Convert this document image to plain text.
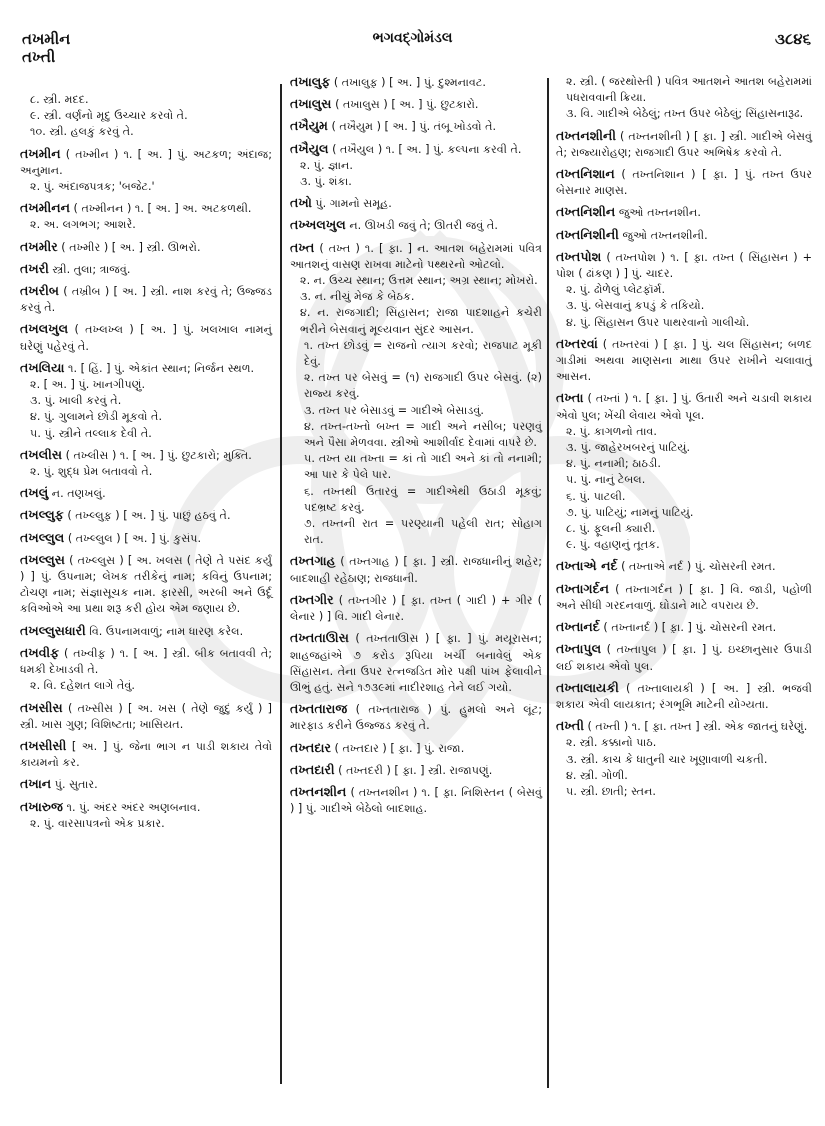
તખમીન
તખ્તી
ભગવદ્ગોમંડલ	૩૮૪૬
૮. સ્ત્રી. મદદ.
૯. સ્ત્રી. વર્ણનો મૃદુ ઉચ્ચાર કરવો તે.
૧૦. સ્ત્રી. હલકું કરવું તે.
તખમીન ( તખ્મીન ) ૧. [ અ. ] પું. અટકળ; અંદાજ; અનુમાન.
૨. પું. અંદાજપત્રક; 'બજેટ.'
તખમીનન ( તખ્મીનન ) ૧. [ અ. ] અ. અટકળથી.
૨. અ. લગભગ; આશરે.
તખમીર ( તખ્મીર ) [ અ. ] સ્ત્રી. ઊભરો.
તખરી સ્ત્રી. તુલા; ત્રાજવું.
તખરીબ ( તખ્રીબ ) [ અ. ] સ્ત્રી. નાશ કરવું તે; ઉજ્જડ કરવું તે.
તખલખુલ ( તખ્લખ્લ ) [ અ. ] પું. ખલખાલ નામનું ઘરેણું પહેરવું તે.
તખલિયા ૧. [ હિં. ] પું. એકાંત સ્થાન; નિર્જન સ્થળ.
૨. [ અ. ] પું. ખાનગીપણું.
૩. પું. ખાલી કરવું તે.
૪. પું. ગુલામને છોડી મૂકવો તે.
૫. પું. સ્ત્રીને તલ્લાક દેવી તે.
તખલીસ ( તખ્લીસ ) ૧. [ અ. ] પું. છુટકારો; મુક્તિ.
૨. પું. શુદ્ધ પ્રેમ બતાવવો તે.
તખલું ન. તણખલું.
તખલ્લુફ ( તખ્લ્લુફ઼ ) [ અ. ] પું. પાછું હઠવું તે.
તખલ્લુલ ( તખ્લ્લુલ ) [ અ. ] પું. કુસંપ.
તખલ્લુસ ( તખ્લ્લુસ ) [ અ. ખલસ ( તેણે તે પસંદ કર્યું ) ] પું. ઉપનામ; લેખક તરીકેનું નામ; કવિનું ઉપનામ; ટોચણ નામ; સંજ્ઞાસૂચક નામ. ફારસી, અરબી અને ઉર્દૂ કવિઓએ આ પ્રથા શરૂ કરી હોય એમ જણાય છે.
તખલ્લુસધારી વિ. ઉપનામવાળું; નામ ધારણ કરેલ.
તખવીફ ( તખ્વીફ઼ ) ૧. [ અ. ] સ્ત્રી. બીક બતાવવી તે; ધમકી દેખાડવી તે.
૨. વિ. દહેશત લાગે તેવું.
તખસીસ ( તખ્સીસ ) [ અ. ખસ ( તેણે જુદું કર્યું ) ] સ્ત્રી. ખાસ ગુણ; વિશિષ્ટતા; ખાસિયત.
તખસીસી [ અ. ] પું. જેના ભાગ ન પાડી શકાય તેવો કાયમનો કર.
તખાન પું. સુતાર.
તખારુજ ૧. પું. અંદર અંદર અણબનાવ.
૨. પું. વારસાપત્રનો એક પ્રકાર.
તખાલુફ ( તખાલુફ઼ ) [ અ. ] પું. દુશ્મનાવટ.
તખાલુસ ( તખાલુસ ) [ અ. ] પું. છુટકારો.
તખૈયુમ ( તખૈયુમ ) [ અ. ] પું. તંબૂ ખોડવો તે.
તખૈયુલ ( તખૈયુલ ) ૧. [ અ. ] પું. કલ્પના કરવી તે.
૨. પું. જ્ઞાન.
૩. પું. શંકા.
તખો પું. ગામનો સમૂહ.
તખ્ખલખુલ ન. ઊખડી જવું તે; ઊતરી જવું તે.
તખ્ત ( તખ્ત ) ૧. [ ફ઼ા. ] ન. આતશ બહેરામમાં પવિત્ર આતશનું વાસણ રાખવા માટેનો પથ્થરનો ઓટલો.
૨. ન. ઉચ્ચ સ્થાન; ઉત્તમ સ્થાન; અગ્ર સ્થાન; મોખરો.
૩. ન. નીચું મેજ કે બેઠક.
૪. ન. રાજગાદી; સિંહાસન; રાજા પાદશાહને કચેરી ભરીને બેસવાનું મૂલ્યવાન સુંદર આસન.
૧. તખ્ત છોડવું = રાજનો ત્યાગ કરવો; રાજપાટ મૂકી દેવું.
૨. તખ્ત પર બેસવું = (૧) રાજગાદી ઉપર બેસવું. (૨) રાજ્ય કરવું.
૩. તખ્ત પર બેસાડવું = ગાદીએ બેસાડવું.
૪. તખ્ત-તખ્તો બખ્ત = ગાદી અને નસીબ; પરણવું અને પૈસા મેળવવા. સ્ત્રીઓ આશીર્વાદ દેવામાં વાપરે છે.
૫. તખ્ત યા તખ્તા = કાં તો ગાદી અને કાં તો નનામી; આ પાર કે પેલે પાર.
૬. તખ્તથી ઉતારવું = ગાદીએથી ઉઠાડી મૂકવું; પદભ્રષ્ટ કરવું.
૭. તખ્તની રાત = પરણ્યાની પહેલી રાત; સોહાગ રાત.
તખ્તગાહ ( તખ્તગાહ ) [ ફ઼ા. ] સ્ત્રી. રાજધાનીનું શહેર; બાદશાહી રહેઠાણ; રાજધાની.
તખ્તગીર ( તખ્તગીર ) [ ફ઼ા. તખ્ત ( ગાદી ) + ગીર ( લેનાર ) ] વિ. ગાદી લેનાર.
તખ્તતાઊસ ( તખ્તતાઊસ ) [ ફ઼ા. ] પું. મયૂરાસન; શાહજહાંએ ૭ કરોડ રૂપિયા ખર્ચી બનાવેલું એક સિંહાસન. તેના ઉપર રત્નજડિત મોર પક્ષી પાંખ ફેલાવીને ઊભું હતું. સને ૧૭૩૯માં નાદીરશાહ તેને લઈ ગયો.
તખ્તતારાજ ( તખ્તતારાજ ) પું. હુમલો અને લૂંટ; મારફાડ કરીને ઉજ્જડ કરવું તે.
તખ્તદાર ( તખ્તદાર ) [ ફ઼ા. ] પું. રાજા.
તખ્તદારી ( તખ્તદરી ) [ ફ઼ા. ] સ્ત્રી. રાજાપણું.
તખ્તનશીન ( તખ્તનશીન ) ૧. [ ફ઼ા. નિશિસ્તન ( બેસવું ) ] પું. ગાદીએ બેઠેલો બાદશાહ.
૨. સ્ત્રી. ( જરથોસ્તી ) પવિત્ર આતશને આતશ બહેરામમાં પધરાવવાની ક્રિયા.
૩. વિ. ગાદીએ બેઠેલું; તખ્ત ઉપર બેઠેલું; સિંહાસનારૂઢ.
તખ્તનશીની ( તખ્તનશીની ) [ ફ઼ા. ] સ્ત્રી. ગાદીએ બેસવું તે; રાજ્યારોહણ; રાજગાદી ઉપર અભિષેક કરવો તે.
તખ્તનિશાન ( તખ્તનિશાન ) [ ફ઼ા. ] પું. તખ્ત ઉપર બેસનાર માણસ.
તખ્તનિશીન જુઓ તખ્તનશીન.
તખ્તનિશીની જુઓ તખ્તનશીની.
તખ્તપોશ ( તખ્તપોશ ) ૧. [ ફ઼ા. તખ્ત ( સિંહાસન ) + પોશ ( ઢાંકણ ) ] પું. ચાદર.
૨. પું. ઢોળેલું પ્લેટફૉર્મ.
૩. પું. બેસવાનું કપડું કે તકિયો.
૪. પું. સિંહાસન ઉપર પાથરવાનો ગાલીચો.
તખ્તરવાં ( તખ્તરવાં ) [ ફ઼ા. ] પું. ચલ સિંહાસન; બળદ ગાડીમાં અથવા માણસના માથા ઉપર રાખીને ચલાવાતું આસન.
તખ્તા ( તખ્તાં ) ૧. [ ફ઼ા. ] પું. ઉતારી અને ચડાવી શકાય એવો પુલ; ખેંચી લેવાય એવો પૂલ.
૨. પું. કાગળનો તાવ.
૩. પું. જાહેરખબરનું પાટિયું.
૪. પું. નનામી; ઠાઠડી.
૫. પું. નાનું ટેબલ.
૬. પું. પાટલી.
૭. પું. પાટિયું; નામનું પાટિયું.
૮. પું. ફૂલની ક્યારી.
૯. પું. વહાણનું તૂતક.
તખ્તાએ નર્દ ( તખ્તાએ નર્દ ) પું. ચોસરની રમત.
તખ્તાગર્દન ( તખ્તાગર્દન ) [ ફ઼ા. ] વિ. જાડી, પહોળી અને સીધી ગરદનવાળું. ઘોડાને માટે વપરાય છે.
તખ્તાનર્દ ( તખ્તાનર્દ ) [ ફ઼ા. ] પું. ચોસરની રમત.
તખ્તાપુલ ( તખ્તાપુલ ) [ ફ઼ા. ] પું. ઇચ્છાનુસાર ઉપાડી લઈ શકાય એવો પુલ.
તખ્તાલાયકી ( તખ્તાલાયકી ) [ અ. ] સ્ત્રી. ભજવી શકાય એવી લાયકાત; રંગભૂમિ માટેની યોગ્યતા.
તખ્તી ( તખ્તી ) ૧. [ ફ઼ા. તખ્ત ] સ્ત્રી. એક જાતનું ઘરેણું.
૨. સ્ત્રી. કક્કાનો પાઠ.
૩. સ્ત્રી. કાચ કે ધાતુની ચાર ખૂણાવાળી ચકતી.
૪. સ્ત્રી. ગોળી.
૫. સ્ત્રી. છાતી; સ્તન.
